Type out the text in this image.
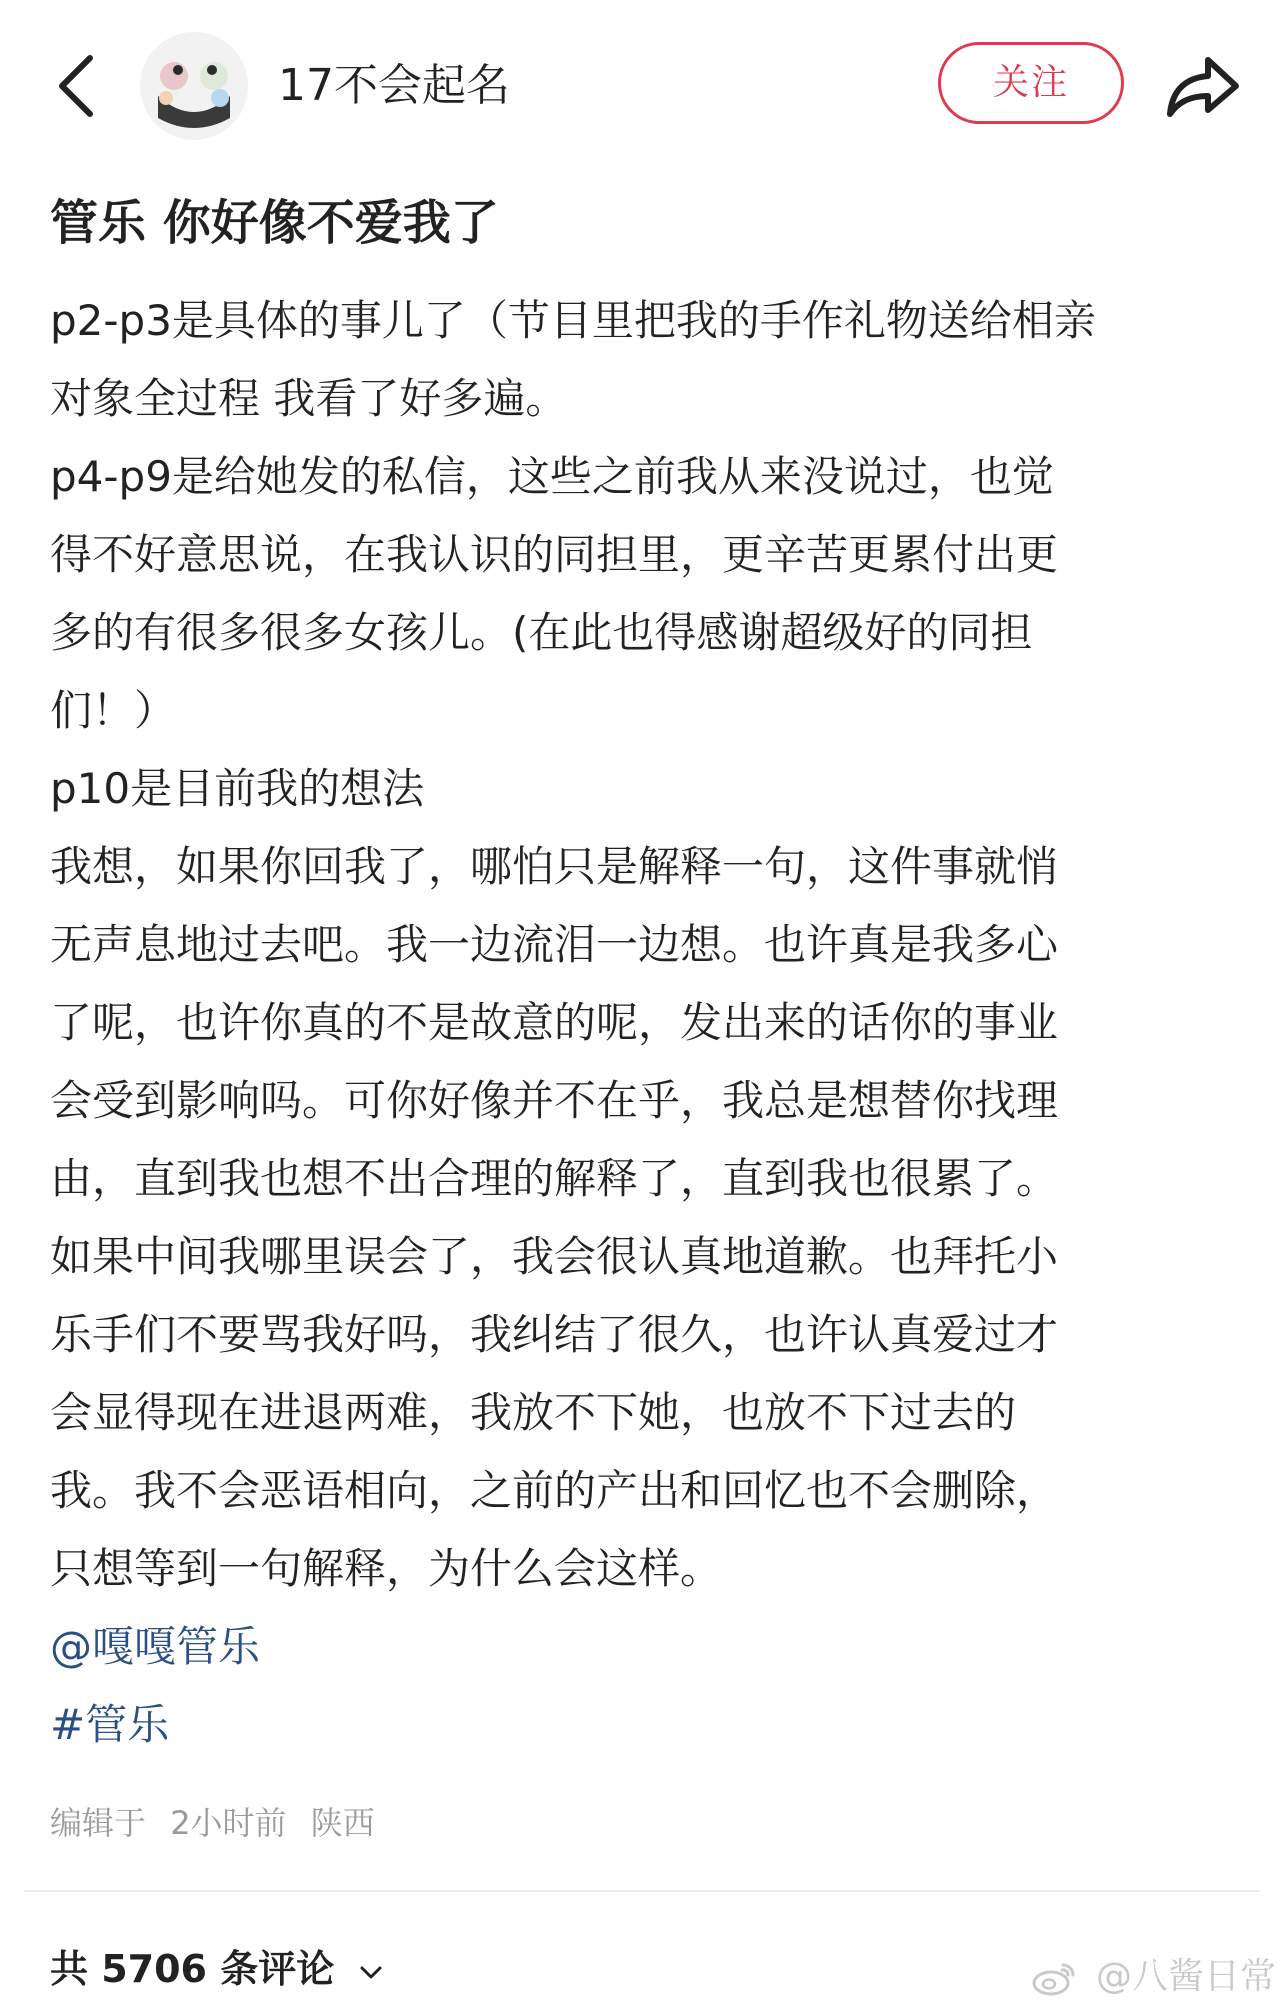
17不会起名	关注
管乐 你好像不爱我了
p2-p3是具体的事儿了（节目里把我的手作礼物送给相亲
对象全过程 我看了好多遍。
p4-p9是给她发的私信，这些之前我从来没说过，也觉
得不好意思说，在我认识的同担里，更辛苦更累付出更
多的有很多很多女孩儿。(在此也得感谢超级好的同担
们！）
p10是目前我的想法
我想，如果你回我了，哪怕只是解释一句，这件事就悄
无声息地过去吧。我一边流泪一边想。也许真是我多心
了呢，也许你真的不是故意的呢，发出来的话你的事业
会受到影响吗。可你好像并不在乎，我总是想替你找理
由，直到我也想不出合理的解释了，直到我也很累了。
如果中间我哪里误会了，我会很认真地道歉。也拜托小
乐手们不要骂我好吗，我纠结了很久，也许认真爱过才
会显得现在进退两难，我放不下她，也放不下过去的
我。我不会恶语相向，之前的产出和回忆也不会删除，
只想等到一句解释，为什么会这样。
@嘎嘎管乐
#管乐
编辑于 2小时前 陕西
共 5706 条评论	@八酱日常
